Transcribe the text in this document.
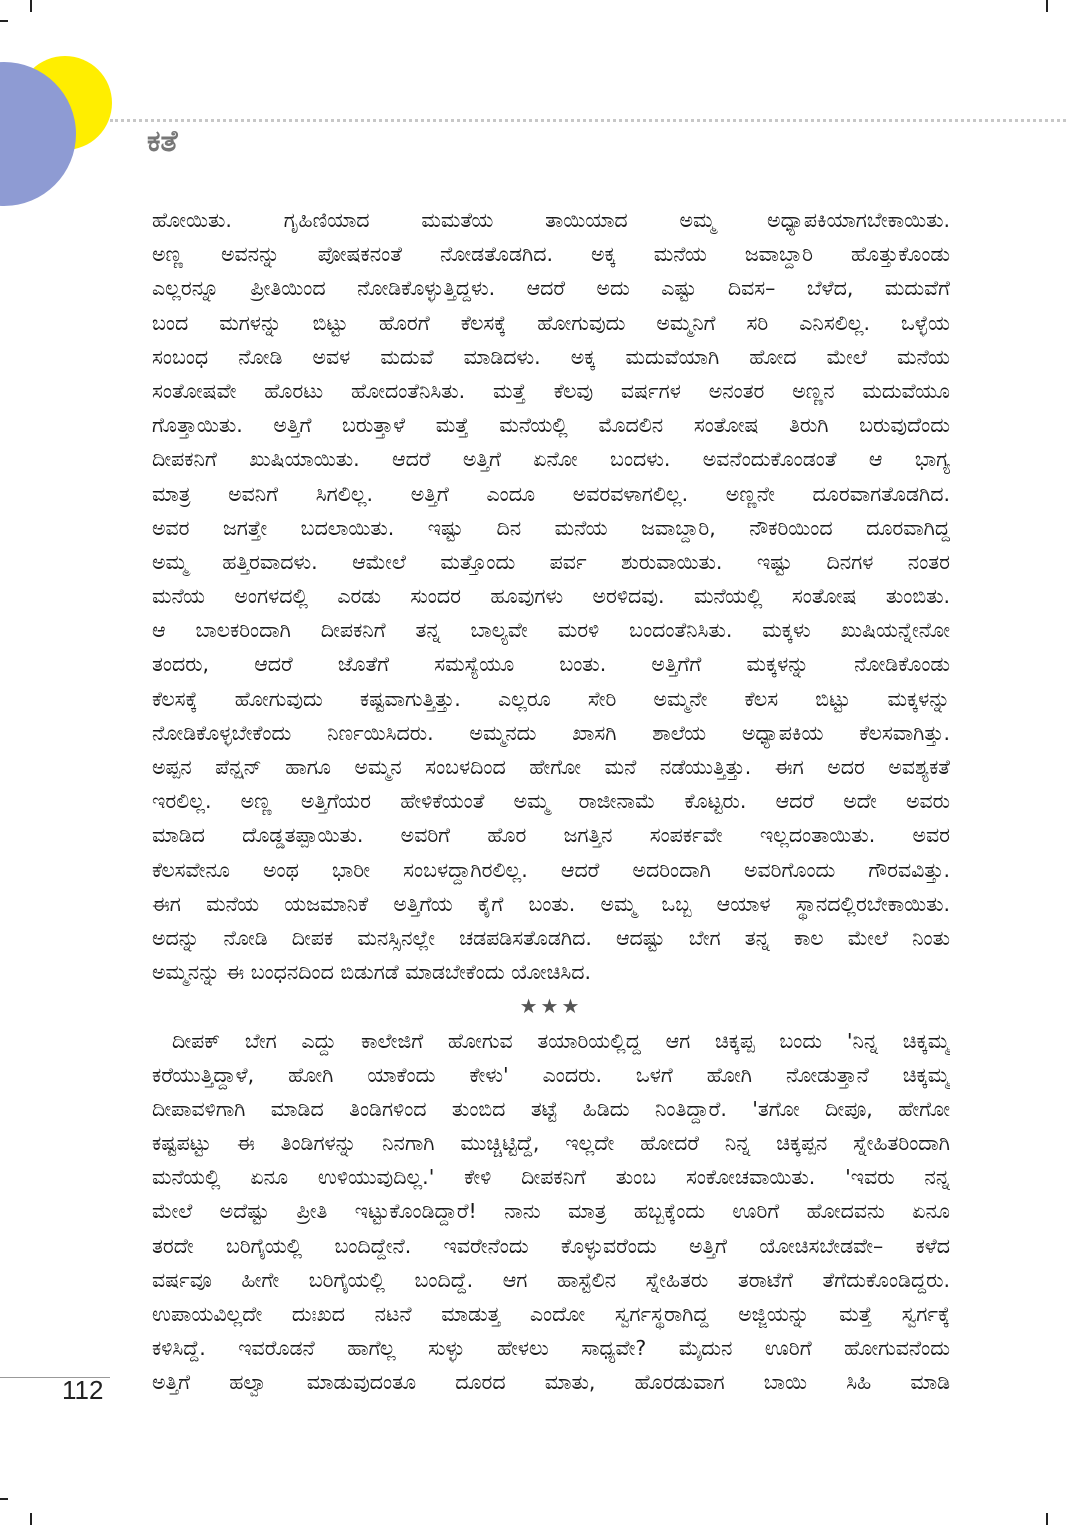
ಕತೆ
ಹೋಯಿತು. ಗೃಹಿಣಿಯಾದ ಮಮತೆಯ ತಾಯಿಯಾದ ಅಮ್ಮ ಅಧ್ಯಾಪಕಿಯಾಗಬೇಕಾಯಿತು.
ಅಣ್ಣ ಅವನನ್ನು ಪೋಷಕನಂತೆ ನೋಡತೊಡಗಿದ. ಅಕ್ಕ ಮನೆಯ ಜವಾಬ್ದಾರಿ ಹೊತ್ತುಕೊಂಡು
ಎಲ್ಲರನ್ನೂ ಪ್ರೀತಿಯಿಂದ ನೋಡಿಕೊಳ್ಳುತ್ತಿದ್ದಳು. ಆದರೆ ಅದು ಎಷ್ಟು ದಿವಸ– ಬೆಳೆದ, ಮದುವೆಗೆ
ಬಂದ ಮಗಳನ್ನು ಬಿಟ್ಟು ಹೊರಗೆ ಕೆಲಸಕ್ಕೆ ಹೋಗುವುದು ಅಮ್ಮನಿಗೆ ಸರಿ ಎನಿಸಲಿಲ್ಲ. ಒಳ್ಳೆಯ
ಸಂಬಂಧ ನೋಡಿ ಅವಳ ಮದುವೆ ಮಾಡಿದಳು. ಅಕ್ಕ ಮದುವೆಯಾಗಿ ಹೋದ ಮೇಲೆ ಮನೆಯ
ಸಂತೋಷವೇ ಹೊರಟು ಹೋದಂತೆನಿಸಿತು. ಮತ್ತೆ ಕೆಲವು ವರ್ಷಗಳ ಅನಂತರ ಅಣ್ಣನ ಮದುವೆಯೂ
ಗೊತ್ತಾಯಿತು. ಅತ್ತಿಗೆ ಬರುತ್ತಾಳೆ ಮತ್ತೆ ಮನೆಯಲ್ಲಿ ಮೊದಲಿನ ಸಂತೋಷ ತಿರುಗಿ ಬರುವುದೆಂದು
ದೀಪಕನಿಗೆ ಖುಷಿಯಾಯಿತು. ಆದರೆ ಅತ್ತಿಗೆ ಏನೋ ಬಂದಳು. ಅವನೆಂದುಕೊಂಡಂತೆ ಆ ಭಾಗ್ಯ
ಮಾತ್ರ ಅವನಿಗೆ ಸಿಗಲಿಲ್ಲ. ಅತ್ತಿಗೆ ಎಂದೂ ಅವರವಳಾಗಲಿಲ್ಲ. ಅಣ್ಣನೇ ದೂರವಾಗತೊಡಗಿದ.
ಅವರ ಜಗತ್ತೇ ಬದಲಾಯಿತು. ಇಷ್ಟು ದಿನ ಮನೆಯ ಜವಾಬ್ದಾರಿ, ನೌಕರಿಯಿಂದ ದೂರವಾಗಿದ್ದ
ಅಮ್ಮ ಹತ್ತಿರವಾದಳು. ಆಮೇಲೆ ಮತ್ತೊಂದು ಪರ್ವ ಶುರುವಾಯಿತು. ಇಷ್ಟು ದಿನಗಳ ನಂತರ
ಮನೆಯ ಅಂಗಳದಲ್ಲಿ ಎರಡು ಸುಂದರ ಹೂವುಗಳು ಅರಳಿದವು. ಮನೆಯಲ್ಲಿ ಸಂತೋಷ ತುಂಬಿತು.
ಆ ಬಾಲಕರಿಂದಾಗಿ ದೀಪಕನಿಗೆ ತನ್ನ ಬಾಲ್ಯವೇ ಮರಳಿ ಬಂದಂತೆನಿಸಿತು. ಮಕ್ಕಳು ಖುಷಿಯನ್ನೇನೋ
ತಂದರು, ಆದರೆ ಜೊತೆಗೆ ಸಮಸ್ಯೆಯೂ ಬಂತು. ಅತ್ತಿಗೆಗೆ ಮಕ್ಕಳನ್ನು ನೋಡಿಕೊಂಡು
ಕೆಲಸಕ್ಕೆ ಹೋಗುವುದು ಕಷ್ಟವಾಗುತ್ತಿತ್ತು. ಎಲ್ಲರೂ ಸೇರಿ ಅಮ್ಮನೇ ಕೆಲಸ ಬಿಟ್ಟು ಮಕ್ಕಳನ್ನು
ನೋಡಿಕೊಳ್ಳಬೇಕೆಂದು ನಿರ್ಣಯಿಸಿದರು. ಅಮ್ಮನದು ಖಾಸಗಿ ಶಾಲೆಯ ಅಧ್ಯಾಪಕಿಯ ಕೆಲಸವಾಗಿತ್ತು.
ಅಪ್ಪನ ಪೆನ್ಷನ್ ಹಾಗೂ ಅಮ್ಮನ ಸಂಬಳದಿಂದ ಹೇಗೋ ಮನೆ ನಡೆಯುತ್ತಿತ್ತು. ಈಗ ಅದರ ಅವಶ್ಯಕತೆ
ಇರಲಿಲ್ಲ. ಅಣ್ಣ ಅತ್ತಿಗೆಯರ ಹೇಳಿಕೆಯಂತೆ ಅಮ್ಮ ರಾಜೀನಾಮೆ ಕೊಟ್ಟರು. ಆದರೆ ಅದೇ ಅವರು
ಮಾಡಿದ ದೊಡ್ಡತಪ್ಪಾಯಿತು. ಅವರಿಗೆ ಹೊರ ಜಗತ್ತಿನ ಸಂಪರ್ಕವೇ ಇಲ್ಲದಂತಾಯಿತು. ಅವರ
ಕೆಲಸವೇನೂ ಅಂಥ ಭಾರೀ ಸಂಬಳದ್ದಾಗಿರಲಿಲ್ಲ. ಆದರೆ ಅದರಿಂದಾಗಿ ಅವರಿಗೊಂದು ಗೌರವವಿತ್ತು.
ಈಗ ಮನೆಯ ಯಜಮಾನಿಕೆ ಅತ್ತಿಗೆಯ ಕೈಗೆ ಬಂತು. ಅಮ್ಮ ಒಬ್ಬ ಆಯಾಳ ಸ್ಥಾನದಲ್ಲಿರಬೇಕಾಯಿತು.
ಅದನ್ನು ನೋಡಿ ದೀಪಕ ಮನಸ್ಸಿನಲ್ಲೇ ಚಡಪಡಿಸತೊಡಗಿದ. ಆದಷ್ಟು ಬೇಗ ತನ್ನ ಕಾಲ ಮೇಲೆ ನಿಂತು
ಅಮ್ಮನನ್ನು ಈ ಬಂಧನದಿಂದ ಬಿಡುಗಡೆ ಮಾಡಬೇಕೆಂದು ಯೋಚಿಸಿದ.
★★★
ದೀಪಕ್ ಬೇಗ ಎದ್ದು ಕಾಲೇಜಿಗೆ ಹೋಗುವ ತಯಾರಿಯಲ್ಲಿದ್ದ ಆಗ ಚಿಕ್ಕಪ್ಪ ಬಂದು 'ನಿನ್ನ ಚಿಕ್ಕಮ್ಮ
ಕರೆಯುತ್ತಿದ್ದಾಳೆ, ಹೋಗಿ ಯಾಕೆಂದು ಕೇಳು' ಎಂದರು. ಒಳಗೆ ಹೋಗಿ ನೋಡುತ್ತಾನೆ ಚಿಕ್ಕಮ್ಮ
ದೀಪಾವಳಿಗಾಗಿ ಮಾಡಿದ ತಿಂಡಿಗಳಿಂದ ತುಂಬಿದ ತಟ್ಟೆ ಹಿಡಿದು ನಿಂತಿದ್ದಾರೆ. 'ತಗೋ ದೀಪೂ, ಹೇಗೋ
ಕಷ್ಟಪಟ್ಟು ಈ ತಿಂಡಿಗಳನ್ನು ನಿನಗಾಗಿ ಮುಚ್ಚಿಟ್ಟಿದ್ದೆ, ಇಲ್ಲದೇ ಹೋದರೆ ನಿನ್ನ ಚಿಕ್ಕಪ್ಪನ ಸ್ನೇಹಿತರಿಂದಾಗಿ
ಮನೆಯಲ್ಲಿ ಏನೂ ಉಳಿಯುವುದಿಲ್ಲ.' ಕೇಳಿ ದೀಪಕನಿಗೆ ತುಂಬ ಸಂಕೋಚವಾಯಿತು. 'ಇವರು ನನ್ನ
ಮೇಲೆ ಅದೆಷ್ಟು ಪ್ರೀತಿ ಇಟ್ಟುಕೊಂಡಿದ್ದಾರೆ! ನಾನು ಮಾತ್ರ ಹಬ್ಬಕ್ಕೆಂದು ಊರಿಗೆ ಹೋದವನು ಏನೂ
ತರದೇ ಬರಿಗೈಯಲ್ಲಿ ಬಂದಿದ್ದೇನೆ. ಇವರೇನೆಂದು ಕೊಳ್ಳುವರೆಂದು ಅತ್ತಿಗೆ ಯೋಚಿಸಬೇಡವೇ– ಕಳೆದ
ವರ್ಷವೂ ಹೀಗೇ ಬರಿಗೈಯಲ್ಲಿ ಬಂದಿದ್ದೆ. ಆಗ ಹಾಸ್ಟೆಲಿನ ಸ್ನೇಹಿತರು ತರಾಟೆಗೆ ತೆಗೆದುಕೊಂಡಿದ್ದರು.
ಉಪಾಯವಿಲ್ಲದೇ ದುಃಖದ ನಟನೆ ಮಾಡುತ್ತ ಎಂದೋ ಸ್ವರ್ಗಸ್ಥರಾಗಿದ್ದ ಅಜ್ಜಿಯನ್ನು ಮತ್ತೆ ಸ್ವರ್ಗಕ್ಕೆ
ಕಳಿಸಿದ್ದೆ. ಇವರೊಡನೆ ಹಾಗೆಲ್ಲ ಸುಳ್ಳು ಹೇಳಲು ಸಾಧ್ಯವೇ? ಮೈದುನ ಊರಿಗೆ ಹೋಗುವನೆಂದು
ಅತ್ತಿಗೆ ಹಲ್ವಾ ಮಾಡುವುದಂತೂ ದೂರದ ಮಾತು, ಹೊರಡುವಾಗ ಬಾಯಿ ಸಿಹಿ ಮಾಡಿ
112
